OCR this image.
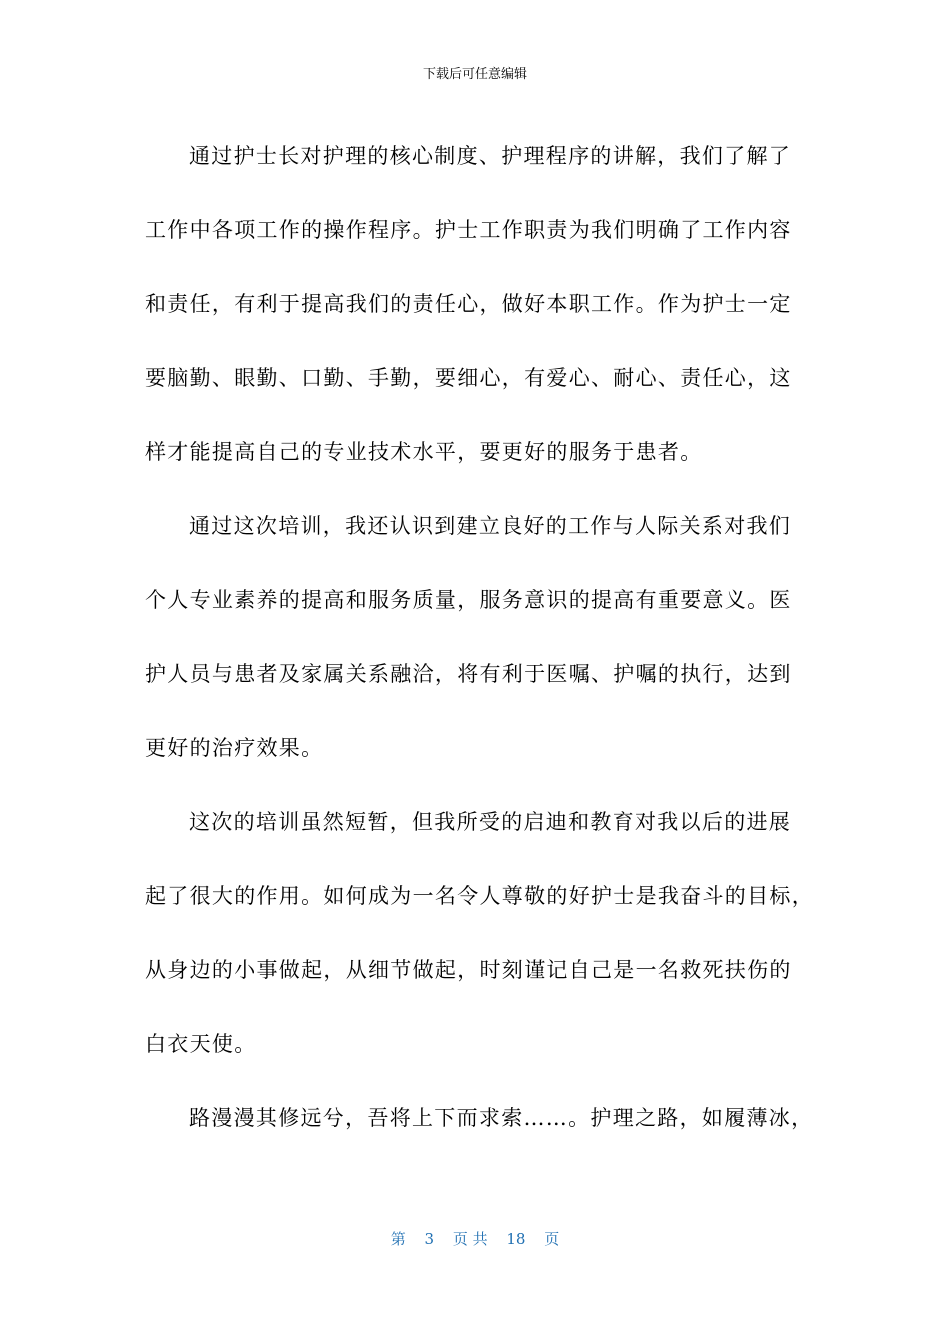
下载后可任意编辑
通过护士长对护理的核心制度、护理程序的讲解，我们了解了
工作中各项工作的操作程序。护士工作职责为我们明确了工作内容
和责任，有利于提高我们的责任心，做好本职工作。作为护士一定
要脑勤、眼勤、口勤、手勤，要细心，有爱心、耐心、责任心，这
样才能提高自己的专业技术水平，要更好的服务于患者。
通过这次培训，我还认识到建立良好的工作与人际关系对我们
个人专业素养的提高和服务质量，服务意识的提高有重要意义。医
护人员与患者及家属关系融洽，将有利于医嘱、护嘱的执行，达到
更好的治疗效果。
这次的培训虽然短暂，但我所受的启迪和教育对我以后的进展
起了很大的作用。如何成为一名令人尊敬的好护士是我奋斗的目标，
从身边的小事做起，从细节做起，时刻谨记自己是一名救死扶伤的
白衣天使。
路漫漫其修远兮，吾将上下而求索……。护理之路，如履薄冰，
第 3 页 共 18 页
